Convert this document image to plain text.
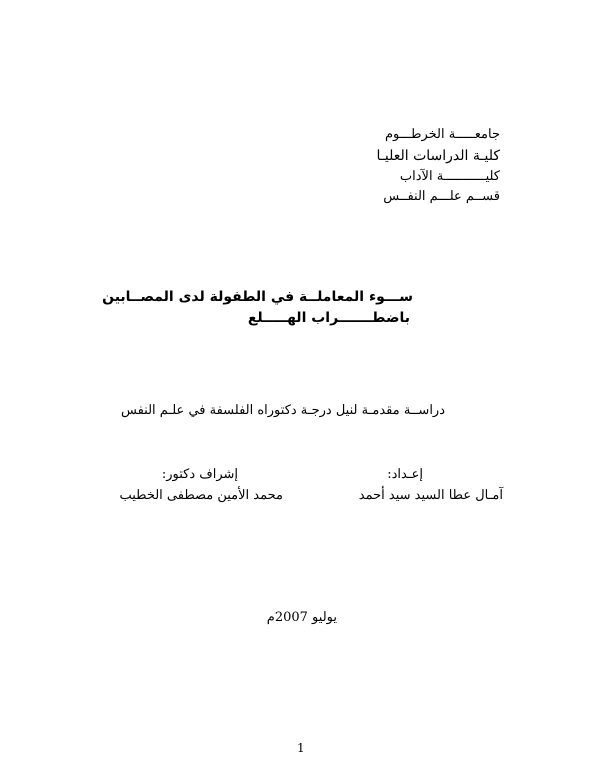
جامعـــــة الخرطـــوم
كليـة الدراسات العليـا
كليـــــــــــة الآداب
قســم علـــم النفــس
ســـوء المعاملــة في الطفولة لدى المصــابين
باضطـــــــراب الهـــــلع
دراســة مقدمـة لنيل درجـة دكتوراه الفلسفة في علـم النفس
إعـداد:
آمـال عطا السيد سيد أحمد
إشراف دكتور:
محمد الأمين مصطفى الخطيب
يوليو 2007م
1
